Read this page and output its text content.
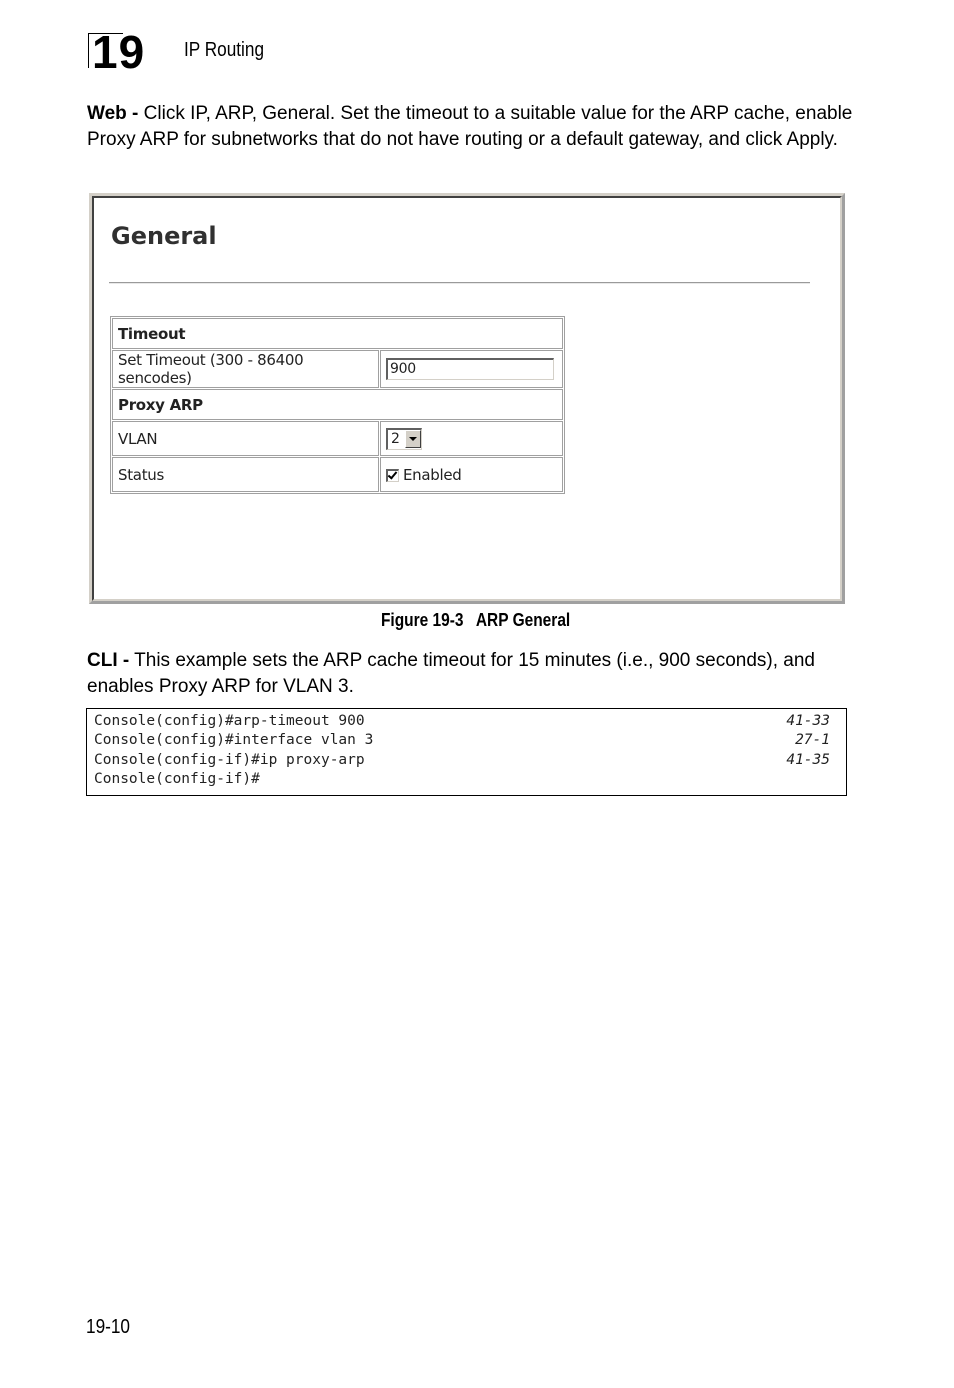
19 IP Routing
Web - Click IP, ARP, General. Set the timeout to a suitable value for the ARP cache, enable Proxy ARP for subnetworks that do not have routing or a default gateway, and click Apply.
General
Timeout	
Set Timeout (300 - 86400 sencodes)	900
Proxy ARP	
VLAN	2

Status	Enabled
Figure 19-3   ARP General
CLI - This example sets the ARP cache timeout for 15 minutes (i.e., 900 seconds), and enables Proxy ARP for VLAN 3.
Console(config)#arp-timeout 900	41-33
Console(config)#interface vlan 3	27-1
Console(config-if)#ip proxy-arp	41-35
Console(config-if)#
19-10
